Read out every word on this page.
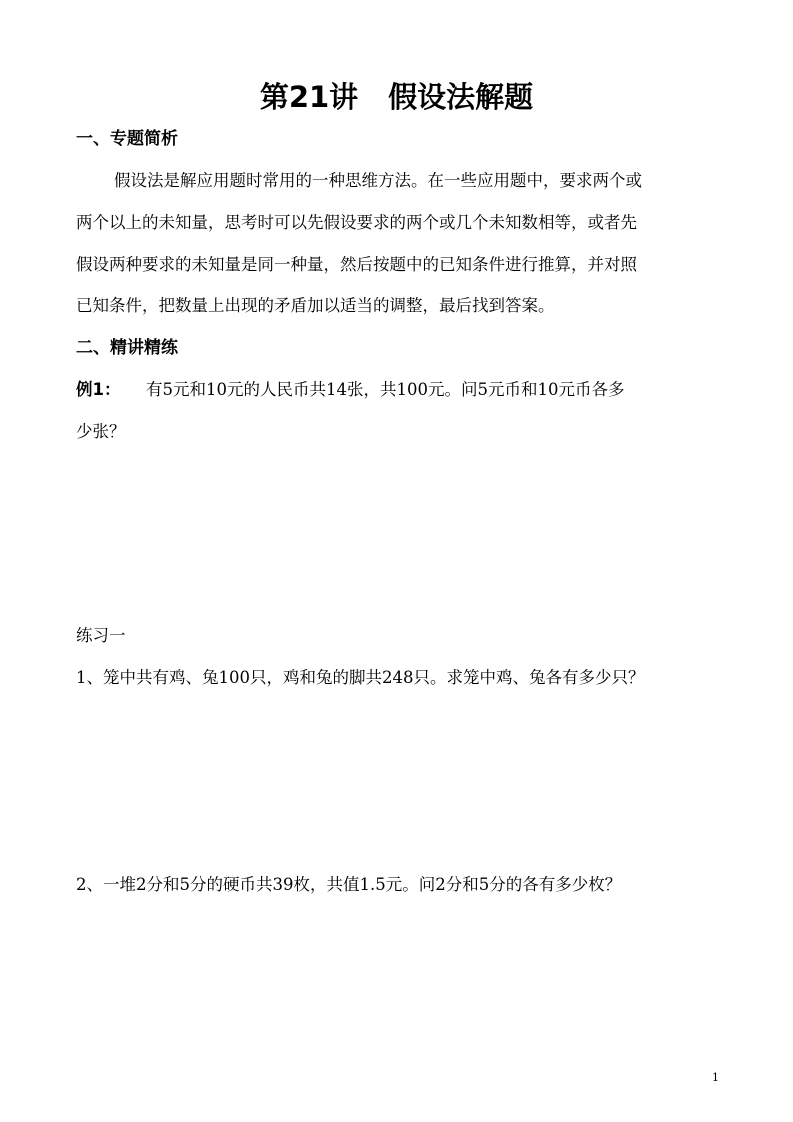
第21讲 假设法解题
一、专题简析
假设法是解应用题时常用的一种思维方法。在一些应用题中，要求两个或
两个以上的未知量，思考时可以先假设要求的两个或几个未知数相等，或者先
假设两种要求的未知量是同一种量，然后按题中的已知条件进行推算，并对照
已知条件，把数量上出现的矛盾加以适当的调整，最后找到答案。
二、精讲精练
例1： 有5元和10元的人民币共14张，共100元。问5元币和10元币各多
少张？
练习一
1、笼中共有鸡、兔100只，鸡和兔的脚共248只。求笼中鸡、兔各有多少只？
2、一堆2分和5分的硬币共39枚，共值1.5元。问2分和5分的各有多少枚？
1
